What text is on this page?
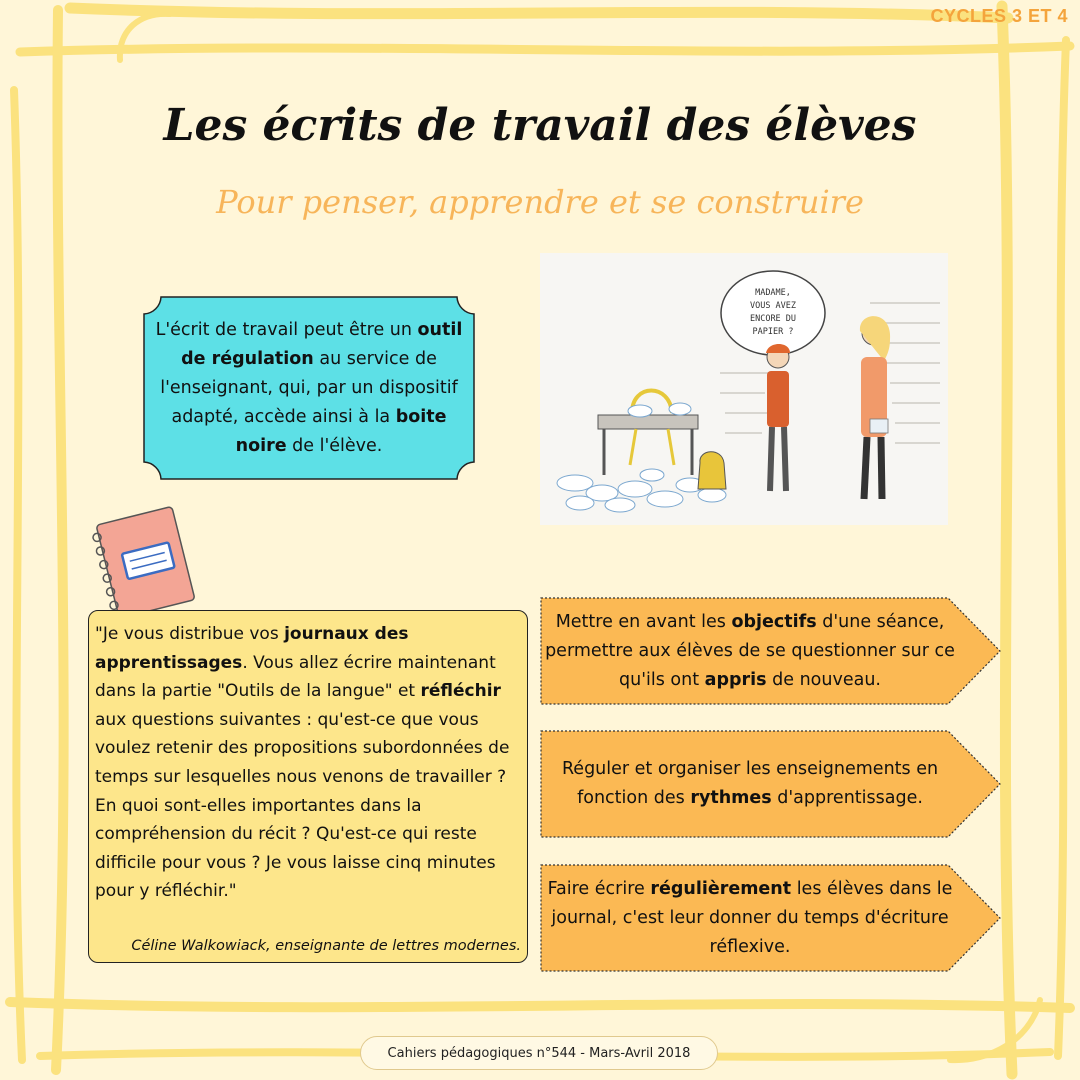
CYCLES 3 ET 4
Les écrits de travail des élèves
Pour penser, apprendre et se construire
L'écrit de travail peut être un outil de régulation au service de l'enseignant, qui, par un dispositif adapté, accède ainsi à la boite noire de l'élève.
MADAME,
VOUS AVEZ
ENCORE DU
PAPIER ?
"Je vous distribue vos journaux des apprentissages. Vous allez écrire maintenant dans la partie "Outils de la langue" et réfléchir aux questions suivantes : qu'est-ce que vous voulez retenir des propositions subordonnées de temps sur lesquelles nous venons de travailler ? En quoi sont-elles importantes dans la compréhension du récit ? Qu'est-ce qui reste difficile pour vous ? Je vous laisse cinq minutes pour y réfléchir."
Céline Walkowiack, enseignante de lettres modernes.
Mettre en avant les objectifs d'une séance, permettre aux élèves de se questionner sur ce qu'ils ont appris de nouveau.
Réguler et organiser les enseignements en fonction des rythmes d'apprentissage.
Faire écrire régulièrement les élèves dans le journal, c'est leur donner du temps d'écriture réflexive.
Cahiers pédagogiques n°544 - Mars-Avril 2018
